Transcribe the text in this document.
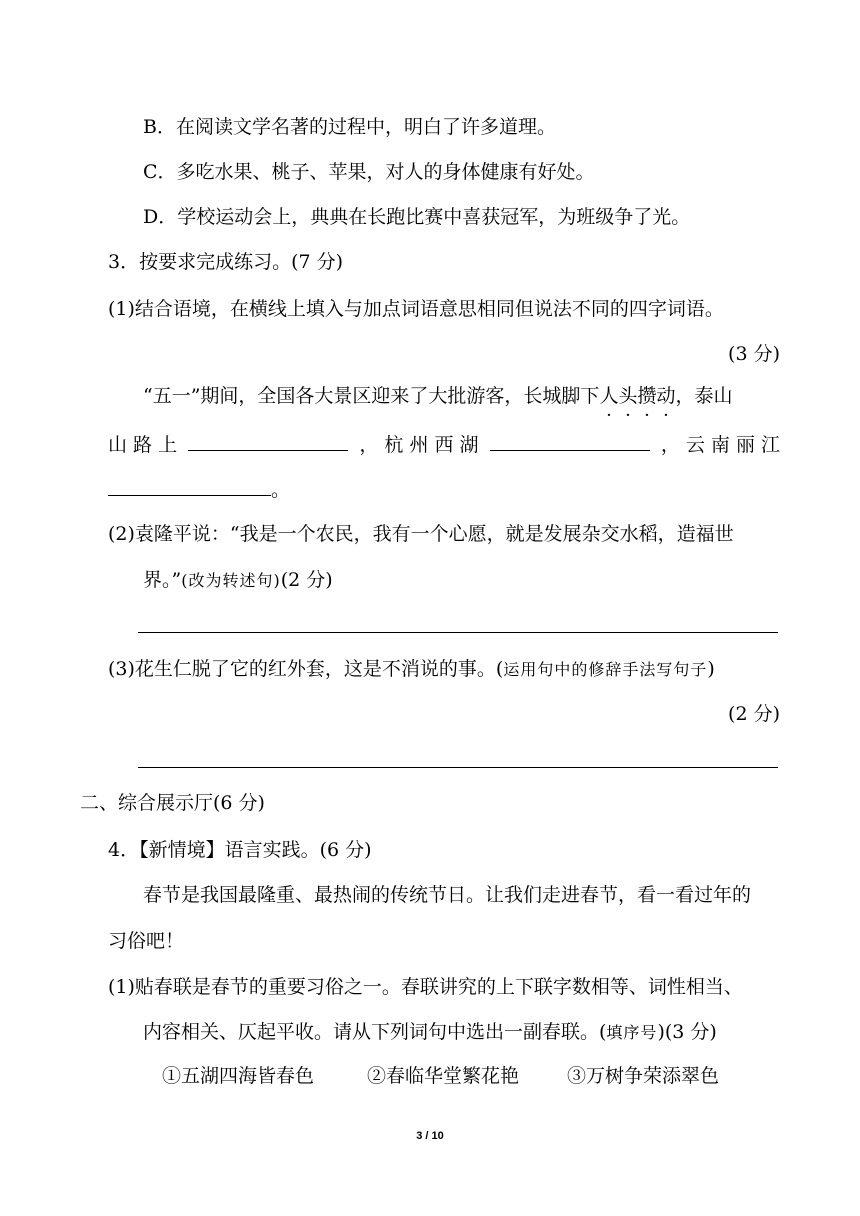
B．在阅读文学名著的过程中，明白了许多道理。
C．多吃水果、桃子、苹果，对人的身体健康有好处。
D．学校运动会上，典典在长跑比赛中喜获冠军，为班级争了光。
3．按要求完成练习。(7 分)
(1)结合语境，在横线上填入与加点词语意思相同但说法不同的四字词语。
(3 分)
“五一”期间，全国各大景区迎来了大批游客，长城脚下人头攒动，泰山
山 路 上	， 杭 州 西 湖	， 云 南 丽 江
。
(2)袁隆平说：“我是一个农民，我有一个心愿，就是发展杂交水稻，造福世
界。”(改为转述句)(2 分)
(3)花生仁脱了它的红外套，这是不消说的事。(运用句中的修辞手法写句子)
(2 分)
二、综合展示厅(6 分)
4．【新情境】语言实践。(6 分)
春节是我国最隆重、最热闹的传统节日。让我们走进春节，看一看过年的
习俗吧！
(1)贴春联是春节的重要习俗之一。春联讲究的上下联字数相等、词性相当、
内容相关、仄起平收。请从下列词句中选出一副春联。(填序号)(3 分)
①五湖四海皆春色	②春临华堂繁花艳	③万树争荣添翠色
3 / 10
